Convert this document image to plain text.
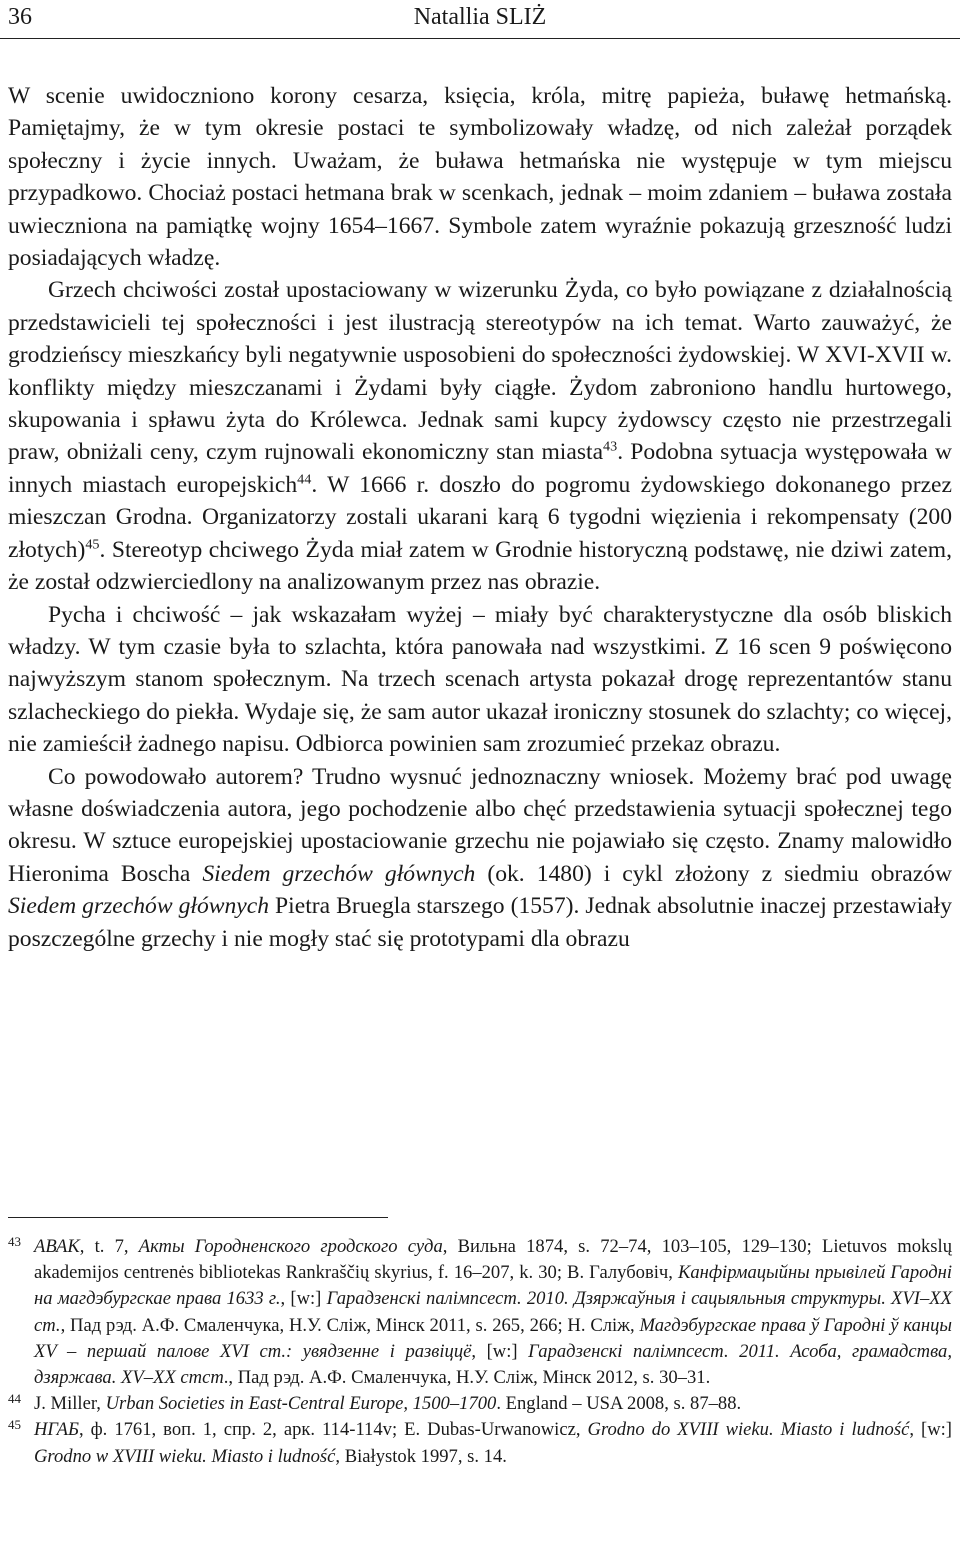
36	Natallia SLIŻ

W scenie uwidoczniono korony cesarza, księcia, króla, mitrę papieża, buławę hetmańską. Pamiętajmy, że w tym okresie postaci te symbolizowały władzę, od nich zależał porządek społeczny i życie innych. Uważam, że buława hetmańska nie występuje w tym miejscu przypadkowo. Chociaż postaci hetmana brak w scenkach, jednak – moim zdaniem – buława została uwieczniona na pamiątkę wojny 1654–1667. Symbole zatem wyraźnie pokazują grzeszność ludzi posiadających władzę.

Grzech chciwości został upostaciowany w wizerunku Żyda, co było powiązane z działalnością przedstawicieli tej społeczności i jest ilustracją stereotypów na ich temat. Warto zauważyć, że grodzieńscy mieszkańcy byli negatywnie usposobieni do społeczności żydowskiej. W XVI-XVII w. konflikty między mieszczanami i Żydami były ciągłe. Żydom zabroniono handlu hurtowego, skupowania i spławu żyta do Królewca. Jednak sami kupcy żydowscy często nie przestrzegali praw, obniżali ceny, czym rujnowali ekonomiczny stan miasta$^{43}$. Podobna sytuacja występowała w innych miastach europejskich$^{44}$. W 1666 r. doszło do pogromu żydowskiego dokonanego przez mieszczan Grodna. Organizatorzy zostali ukarani karą 6 tygodni więzienia i rekompensaty (200 złotych)$^{45}$. Stereotyp chciwego Żyda miał zatem w Grodnie historyczną podstawę, nie dziwi zatem, że został odzwierciedlony na analizowanym przez nas obrazie.

Pycha i chciwość – jak wskazałam wyżej – miały być charakterystyczne dla osób bliskich władzy. W tym czasie była to szlachta, która panowała nad wszystkimi. Z 16 scen 9 poświęcono najwyższym stanom społecznym. Na trzech scenach artysta pokazał drogę reprezentantów stanu szlacheckiego do piekła. Wydaje się, że sam autor ukazał ironiczny stosunek do szlachty; co więcej, nie zamieścił żadnego napisu. Odbiorca powinien sam zrozumieć przekaz obrazu.

Co powodowało autorem? Trudno wysnuć jednoznaczny wniosek. Możemy brać pod uwagę własne doświadczenia autora, jego pochodzenie albo chęć przedstawienia sytuacji społecznej tego okresu. W sztuce europejskiej upostaciowanie grzechu nie pojawiało się często. Znamy malowidło Hieronima Boscha Siedem grzechów głównych (ok. 1480) i cykl złożony z siedmiu obrazów Siedem grzechów głównych Pietra Bruegla starszego (1557). Jednak absolutnie inaczej przestawiały poszczególne grzechy i nie mogły stać się prototypami dla obrazu

43 АВАК, t. 7, Акты Городненского гродского суда, Вильна 1874, s. 72–74, 103–105, 129–130; Lietuvos mokslų akademijos centrenės biblіotekas Rankraščių skyrius, f. 16–207, k. 30; В. Галубовіч, Канфірмацыйны прывілей Гародні на магдэбургскае права 1633 г., [w:] Гарадзенскі палімпсест. 2010. Дзяржаўныя і сацыяльныя структуры. XVI–XX ст., Пад рэд. А.Ф. Смаленчука, Н.У. Сліж, Мінск 2011, s. 265, 266; Н. Сліж, Магдэбургскае права ў Гародні ў канцы XV – першай палове XVI ст.: увядзенне і развіццё, [w:] Гарадзенскі палімпсест. 2011. Асоба, грамадства, дзяржава. XV–XX стст., Пад рэд. А.Ф. Смаленчука, Н.У. Сліж, Мінск 2012, s. 30–31.

44 J. Miller, Urban Societies in East-Central Europe, 1500–1700. England – USA 2008, s. 87–88.

45 НГАБ, ф. 1761, воп. 1, спр. 2, арк. 114-114v; E. Dubas-Urwanowicz, Grodno do XVIII wieku. Miasto i ludność, [w:] Grodno w XVIII wieku. Miasto i ludność, Białystok 1997, s. 14.
